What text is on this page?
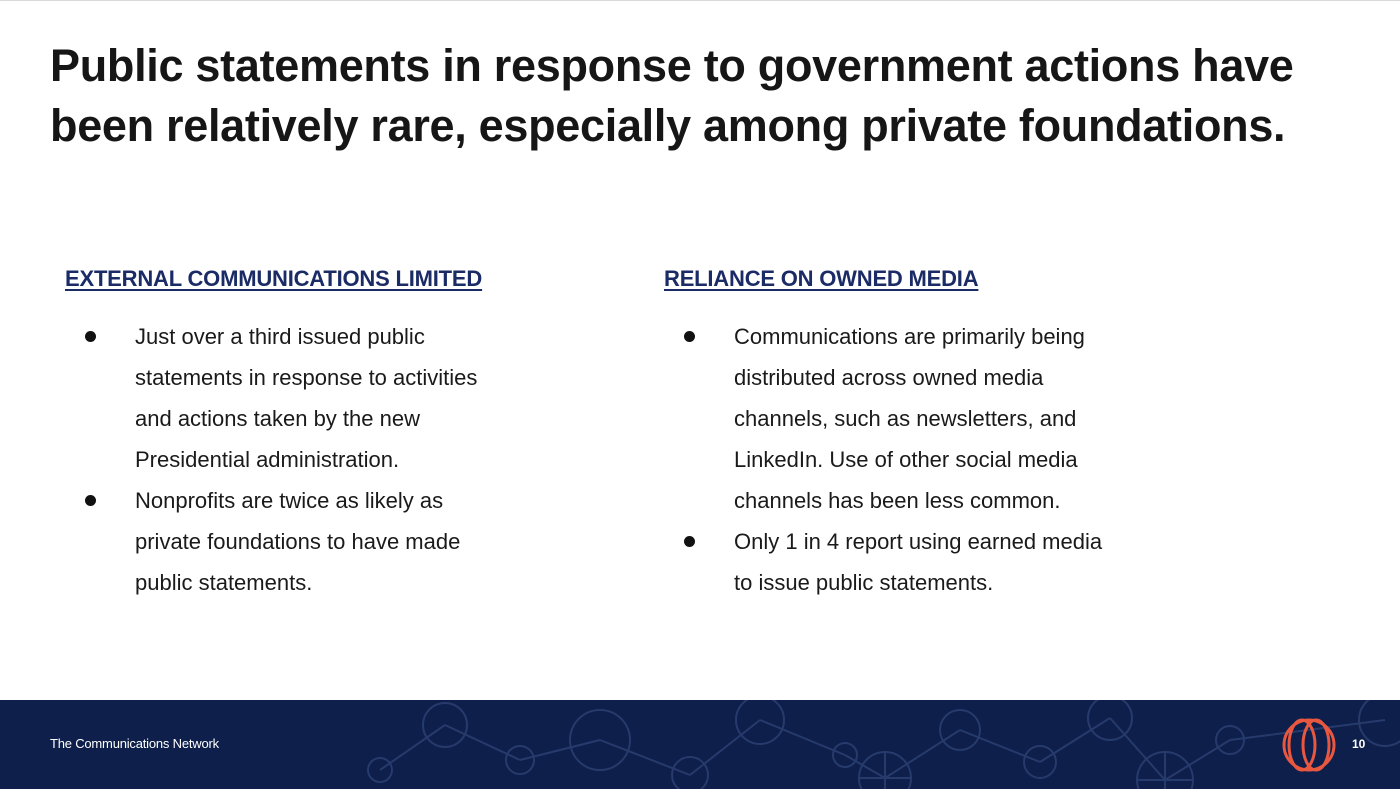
Public statements in response to government actions have been relatively rare, especially among private foundations.
EXTERNAL COMMUNICATIONS LIMITED
Just over a third issued public statements in response to activities and actions taken by the new Presidential administration.
Nonprofits are twice as likely as private foundations to have made public statements.
RELIANCE ON OWNED MEDIA
Communications are primarily being distributed across owned media channels, such as newsletters, and LinkedIn. Use of other social media channels has been less common.
Only 1 in 4 report using earned media to issue public statements.
The Communications Network	10
